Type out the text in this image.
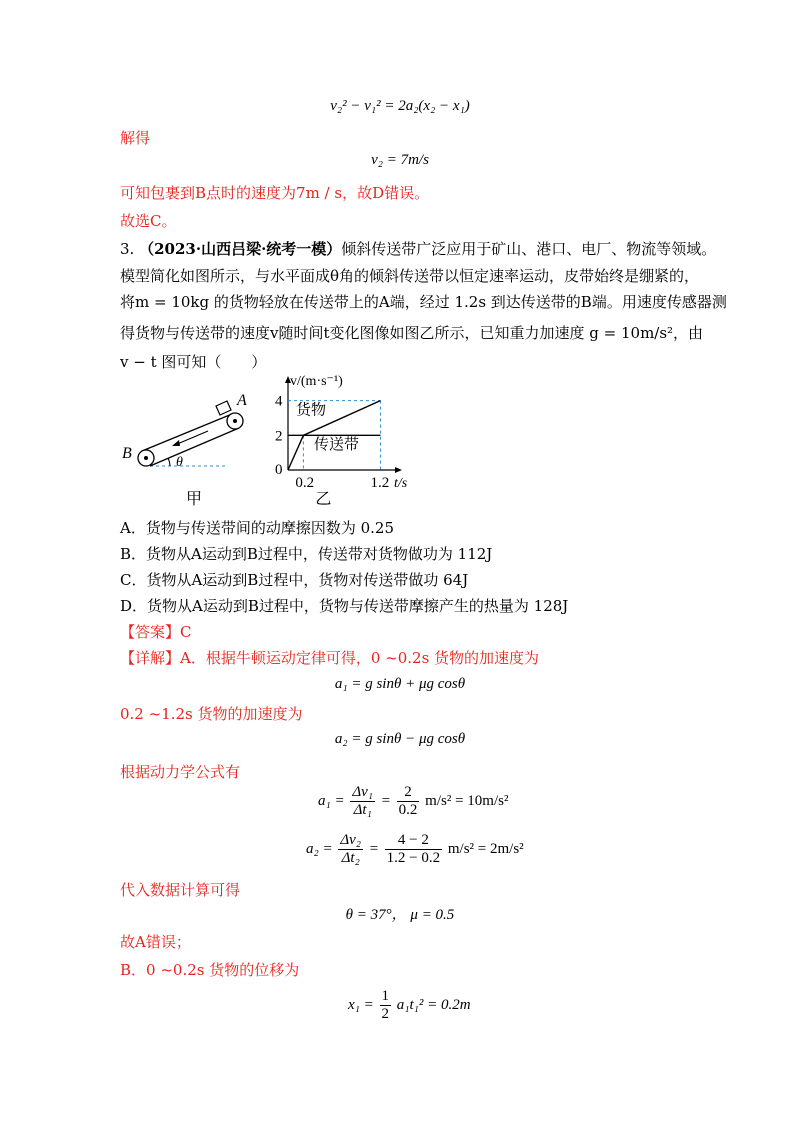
v₂² − v₁² = 2a₂(x₂ − x₁)
解得
v₂ = 7m/s
可知包裹到B点时的速度为7m / s，故D错误。
故选C。
3. （2023·山西吕梁·统考一模）倾斜传送带广泛应用于矿山、港口、电厂、物流等领域。
模型简化如图所示，与水平面成θ角的倾斜传送带以恒定速率运动，皮带始终是绷紧的，
将m = 10kg 的货物轻放在传送带上的A端，经过 1.2s 到达传送带的B端。用速度传感器测
得货物与传送带的速度v随时间t变化图像如图乙所示，已知重力加速度 g = 10m/s²，由
v − t 图可知（　　）
A
B
θ
甲
4
2
0
0.2	1.2
v/(m·s⁻¹)
t/s
货物
传送带
乙
A．货物与传送带间的动摩擦因数为 0.25
B．货物从A运动到B过程中，传送带对货物做功为 112J
C．货物从A运动到B过程中，货物对传送带做功 64J
D．货物从A运动到B过程中，货物与传送带摩擦产生的热量为 128J
【答案】C
【详解】A．根据牛顿运动定律可得，0 ~0.2s 货物的加速度为
a₁ = g sinθ + μg cosθ
0.2 ~1.2s 货物的加速度为
a₂ = g sinθ − μg cosθ
根据动力学公式有
$a_1 = \frac{\text{Δv₁}}{\text{Δt₁}} = \frac{2}{0.2} m/s^2 = 10m/s^2$
$a_2 = \frac{\text{Δv₂}}{\text{Δt₂}} = \frac{4 - 2}{1.2 - 0.2} m/s^2 = 2m/s^2$
代入数据计算可得
θ = 37°， μ = 0.5
故A错误；
B．0 ~0.2s 货物的位移为
$x_1 = \frac{1}{2} a_1t_1^2 = 0.2m$
